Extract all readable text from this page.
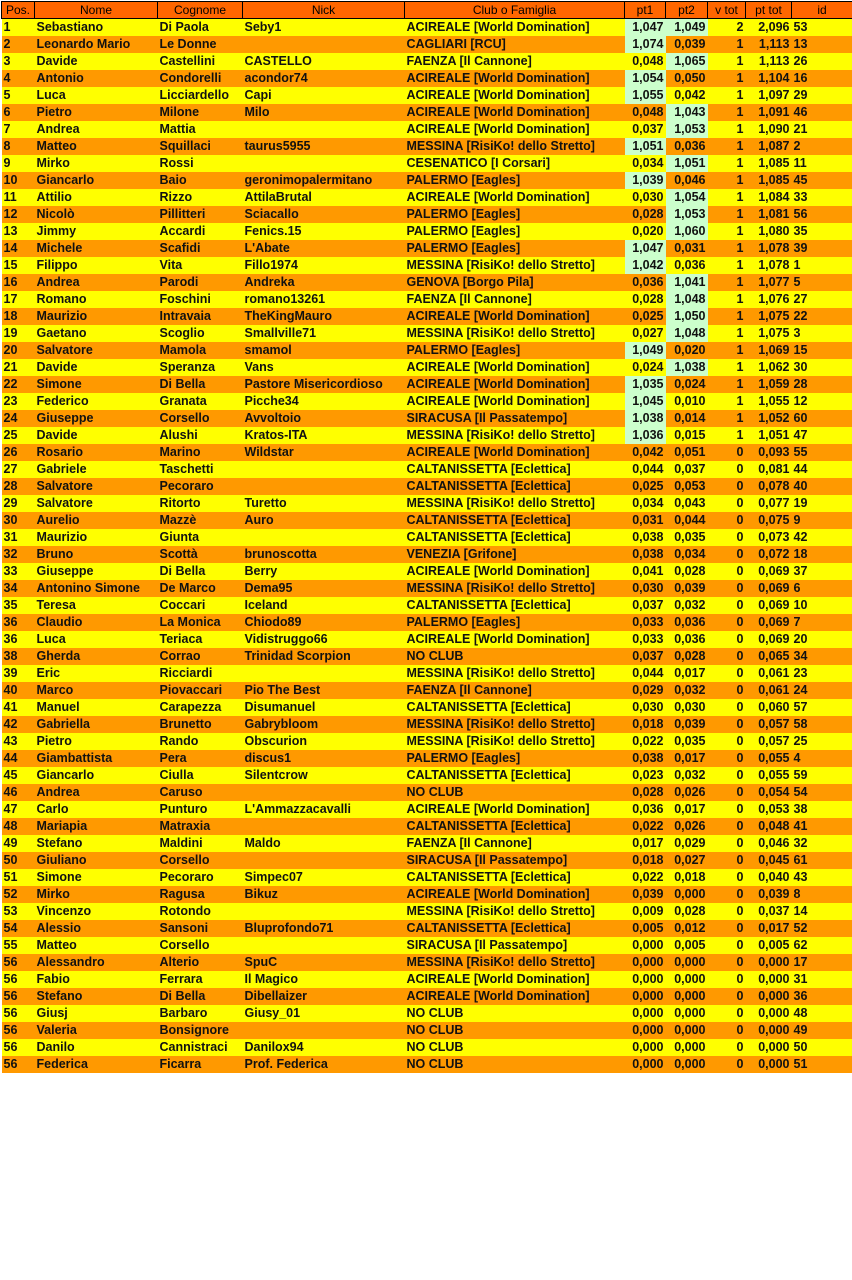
Pos.	Nome	Cognome	Nick	Club o Famiglia	pt1	pt2	v tot	pt tot	id
1	Sebastiano	Di Paola	Seby1	ACIREALE [World Domination]	1,047	1,049	2	2,096	53
2	Leonardo Mario	Le Donne		CAGLIARI [RCU]	1,074	0,039	1	1,113	13
3	Davide	Castellini	CASTELLO	FAENZA [Il Cannone]	0,048	1,065	1	1,113	26
4	Antonio	Condorelli	acondor74	ACIREALE [World Domination]	1,054	0,050	1	1,104	16
5	Luca	Licciardello	Capi	ACIREALE [World Domination]	1,055	0,042	1	1,097	29
6	Pietro	Milone	Milo	ACIREALE [World Domination]	0,048	1,043	1	1,091	46
7	Andrea	Mattia		ACIREALE [World Domination]	0,037	1,053	1	1,090	21
8	Matteo	Squillaci	taurus5955	MESSINA [RisiKo! dello Stretto]	1,051	0,036	1	1,087	2
9	Mirko	Rossi		CESENATICO [I Corsari]	0,034	1,051	1	1,085	11
10	Giancarlo	Baio	geronimopalermitano	PALERMO [Eagles]	1,039	0,046	1	1,085	45
11	Attilio	Rizzo	AttilaBrutal	ACIREALE [World Domination]	0,030	1,054	1	1,084	33
12	Nicolò	Pillitteri	Sciacallo	PALERMO [Eagles]	0,028	1,053	1	1,081	56
13	Jimmy	Accardi	Fenics.15	PALERMO [Eagles]	0,020	1,060	1	1,080	35
14	Michele	Scafidi	L'Abate	PALERMO [Eagles]	1,047	0,031	1	1,078	39
15	Filippo	Vita	Fillo1974	MESSINA [RisiKo! dello Stretto]	1,042	0,036	1	1,078	1
16	Andrea	Parodi	Andreka	GENOVA [Borgo Pila]	0,036	1,041	1	1,077	5
17	Romano	Foschini	romano13261	FAENZA [Il Cannone]	0,028	1,048	1	1,076	27
18	Maurizio	Intravaia	TheKingMauro	ACIREALE [World Domination]	0,025	1,050	1	1,075	22
19	Gaetano	Scoglio	Smallville71	MESSINA [RisiKo! dello Stretto]	0,027	1,048	1	1,075	3
20	Salvatore	Mamola	smamol	PALERMO [Eagles]	1,049	0,020	1	1,069	15
21	Davide	Speranza	Vans	ACIREALE [World Domination]	0,024	1,038	1	1,062	30
22	Simone	Di Bella	Pastore Misericordioso	ACIREALE [World Domination]	1,035	0,024	1	1,059	28
23	Federico	Granata	Picche34	ACIREALE [World Domination]	1,045	0,010	1	1,055	12
24	Giuseppe	Corsello	Avvoltoio	SIRACUSA [Il Passatempo]	1,038	0,014	1	1,052	60
25	Davide	Alushi	Kratos-ITA	MESSINA [RisiKo! dello Stretto]	1,036	0,015	1	1,051	47
26	Rosario	Marino	Wildstar	ACIREALE [World Domination]	0,042	0,051	0	0,093	55
27	Gabriele	Taschetti		CALTANISSETTA [Eclettica]	0,044	0,037	0	0,081	44
28	Salvatore	Pecoraro		CALTANISSETTA [Eclettica]	0,025	0,053	0	0,078	40
29	Salvatore	Ritorto	Turetto	MESSINA [RisiKo! dello Stretto]	0,034	0,043	0	0,077	19
30	Aurelio	Mazzè	Auro	CALTANISSETTA [Eclettica]	0,031	0,044	0	0,075	9
31	Maurizio	Giunta		CALTANISSETTA [Eclettica]	0,038	0,035	0	0,073	42
32	Bruno	Scottà	brunoscotta	VENEZIA [Grifone]	0,038	0,034	0	0,072	18
33	Giuseppe	Di Bella	Berry	ACIREALE [World Domination]	0,041	0,028	0	0,069	37
34	Antonino Simone	De Marco	Dema95	MESSINA [RisiKo! dello Stretto]	0,030	0,039	0	0,069	6
35	Teresa	Coccari	Iceland	CALTANISSETTA [Eclettica]	0,037	0,032	0	0,069	10
36	Claudio	La Monica	Chiodo89	PALERMO [Eagles]	0,033	0,036	0	0,069	7
36	Luca	Teriaca	Vidistruggo66	ACIREALE [World Domination]	0,033	0,036	0	0,069	20
38	Gherda	Corrao	Trinidad Scorpion	NO CLUB	0,037	0,028	0	0,065	34
39	Eric	Ricciardi		MESSINA [RisiKo! dello Stretto]	0,044	0,017	0	0,061	23
40	Marco	Piovaccari	Pio The Best	FAENZA [Il Cannone]	0,029	0,032	0	0,061	24
41	Manuel	Carapezza	Disumanuel	CALTANISSETTA [Eclettica]	0,030	0,030	0	0,060	57
42	Gabriella	Brunetto	Gabrybloom	MESSINA [RisiKo! dello Stretto]	0,018	0,039	0	0,057	58
43	Pietro	Rando	Obscurion	MESSINA [RisiKo! dello Stretto]	0,022	0,035	0	0,057	25
44	Giambattista	Pera	discus1	PALERMO [Eagles]	0,038	0,017	0	0,055	4
45	Giancarlo	Ciulla	Silentcrow	CALTANISSETTA [Eclettica]	0,023	0,032	0	0,055	59
46	Andrea	Caruso		NO CLUB	0,028	0,026	0	0,054	54
47	Carlo	Punturo	L'Ammazzacavalli	ACIREALE [World Domination]	0,036	0,017	0	0,053	38
48	Mariapia	Matraxia		CALTANISSETTA [Eclettica]	0,022	0,026	0	0,048	41
49	Stefano	Maldini	Maldo	FAENZA [Il Cannone]	0,017	0,029	0	0,046	32
50	Giuliano	Corsello		SIRACUSA [Il Passatempo]	0,018	0,027	0	0,045	61
51	Simone	Pecoraro	Simpec07	CALTANISSETTA [Eclettica]	0,022	0,018	0	0,040	43
52	Mirko	Ragusa	Bikuz	ACIREALE [World Domination]	0,039	0,000	0	0,039	8
53	Vincenzo	Rotondo		MESSINA [RisiKo! dello Stretto]	0,009	0,028	0	0,037	14
54	Alessio	Sansoni	Bluprofondo71	CALTANISSETTA [Eclettica]	0,005	0,012	0	0,017	52
55	Matteo	Corsello		SIRACUSA [Il Passatempo]	0,000	0,005	0	0,005	62
56	Alessandro	Alterio	SpuC	MESSINA [RisiKo! dello Stretto]	0,000	0,000	0	0,000	17
56	Fabio	Ferrara	Il Magico	ACIREALE [World Domination]	0,000	0,000	0	0,000	31
56	Stefano	Di Bella	Dibellaizer	ACIREALE [World Domination]	0,000	0,000	0	0,000	36
56	Giusj	Barbaro	Giusy_01	NO CLUB	0,000	0,000	0	0,000	48
56	Valeria	Bonsignore		NO CLUB	0,000	0,000	0	0,000	49
56	Danilo	Cannistraci	Danilox94	NO CLUB	0,000	0,000	0	0,000	50
56	Federica	Ficarra	Prof. Federica	NO CLUB	0,000	0,000	0	0,000	51
